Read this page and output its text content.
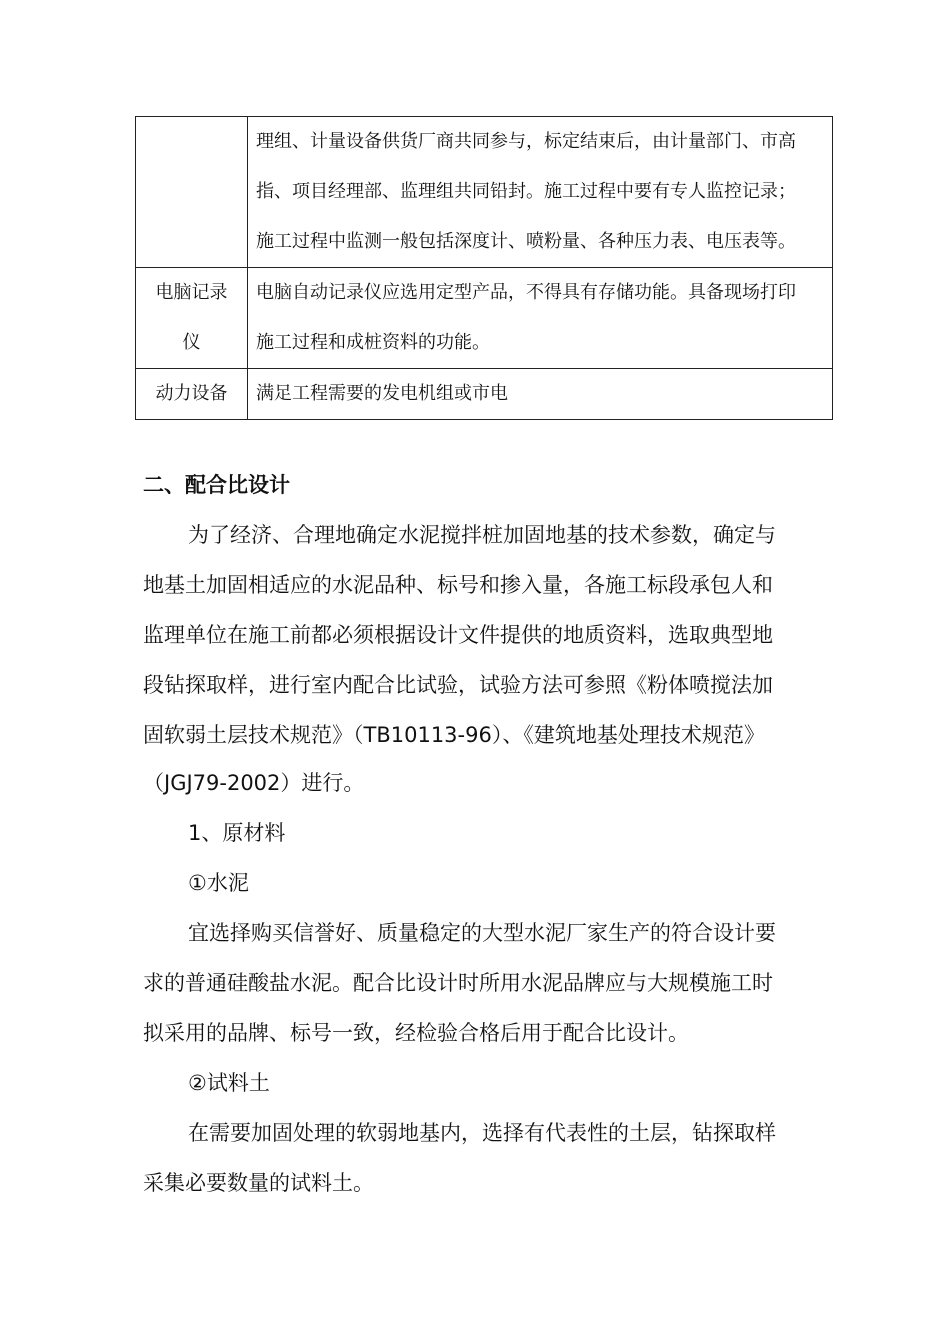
	理组、计量设备供货厂商共同参与，标定结束后，由计量部门、市高
指、项目经理部、监理组共同铅封。施工过程中要有专人监控记录；
施工过程中监测一般包括深度计、喷粉量、各种压力表、电压表等。

电脑记录
仪	电脑自动记录仪应选用定型产品，不得具有存储功能。具备现场打印
施工过程和成桩资料的功能。

动力设备	满足工程需要的发电机组或市电
二、配合比设计
为了经济、合理地确定水泥搅拌桩加固地基的技术参数，确定与
地基土加固相适应的水泥品种、标号和掺入量，各施工标段承包人和
监理单位在施工前都必须根据设计文件提供的地质资料，选取典型地
段钻探取样，进行室内配合比试验，试验方法可参照《粉体喷搅法加
固软弱土层技术规范》（TB10113-96）、《建筑地基处理技术规范》
（JGJ79-2002）进行。
1、原材料
①水泥
宜选择购买信誉好、质量稳定的大型水泥厂家生产的符合设计要
求的普通硅酸盐水泥。配合比设计时所用水泥品牌应与大规模施工时
拟采用的品牌、标号一致，经检验合格后用于配合比设计。
②试料土
在需要加固处理的软弱地基内，选择有代表性的土层，钻探取样
采集必要数量的试料土。
